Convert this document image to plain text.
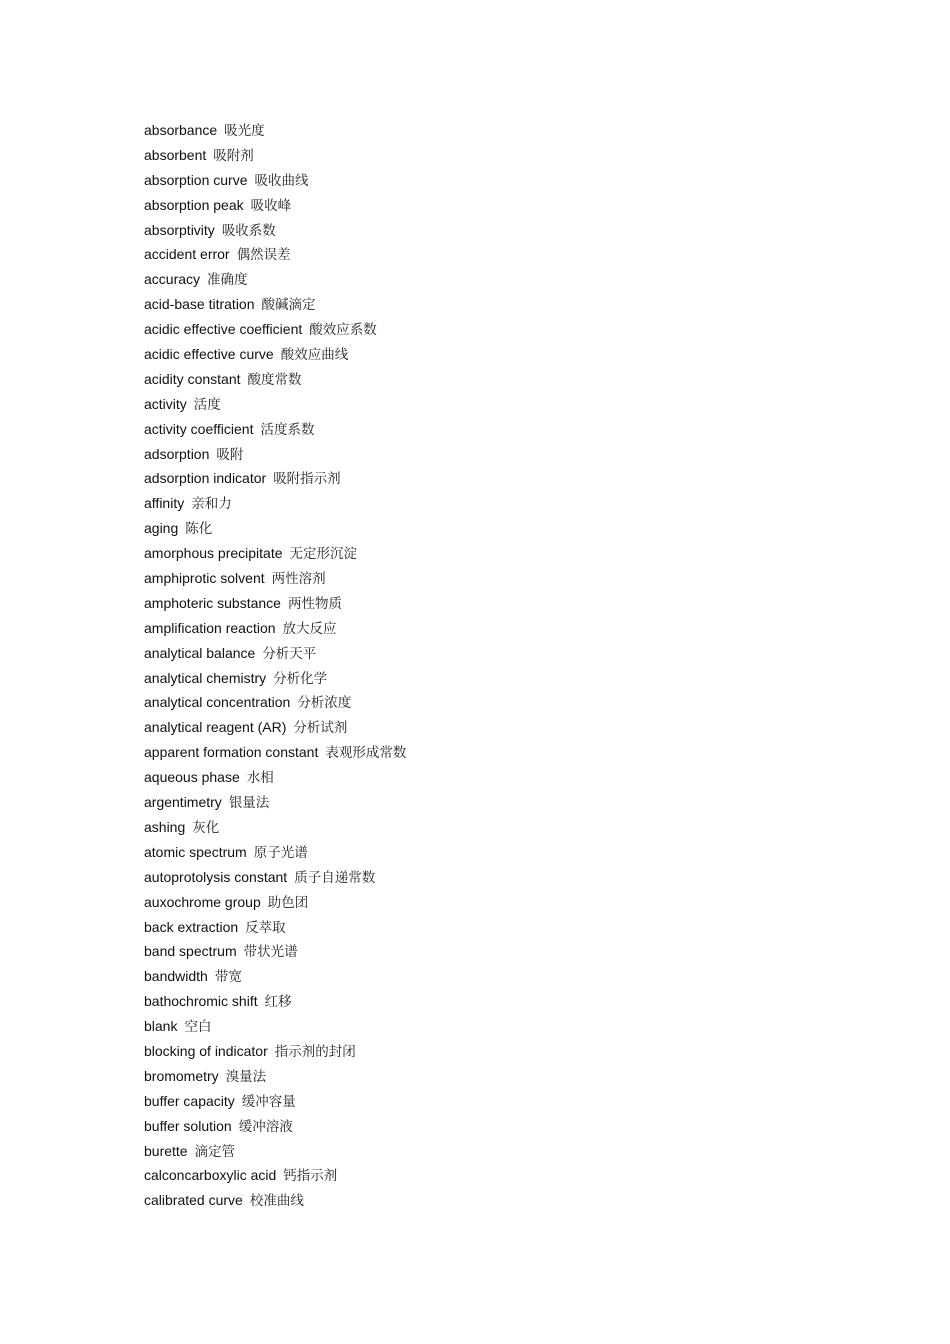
absorbance 吸光度
absorbent 吸附剂
absorption curve 吸收曲线
absorption peak 吸收峰
absorptivity 吸收系数
accident error 偶然误差
accuracy 准确度
acid-base titration 酸碱滴定
acidic effective coefficient 酸效应系数
acidic effective curve 酸效应曲线
acidity constant 酸度常数
activity 活度
activity coefficient 活度系数
adsorption 吸附
adsorption indicator 吸附指示剂
affinity 亲和力
aging 陈化
amorphous precipitate 无定形沉淀
amphiprotic solvent 两性溶剂
amphoteric substance 两性物质
amplification reaction 放大反应
analytical balance 分析天平
analytical chemistry 分析化学
analytical concentration 分析浓度
analytical reagent (AR) 分析试剂
apparent formation constant 表观形成常数
aqueous phase 水相
argentimetry 银量法
ashing 灰化
atomic spectrum 原子光谱
autoprotolysis constant 质子自递常数
auxochrome group 助色团
back extraction 反萃取
band spectrum 带状光谱
bandwidth 带宽
bathochromic shift 红移
blank 空白
blocking of indicator 指示剂的封闭
bromometry 溴量法
buffer capacity 缓冲容量
buffer solution 缓冲溶液
burette 滴定管
calconcarboxylic acid 钙指示剂
calibrated curve 校准曲线
